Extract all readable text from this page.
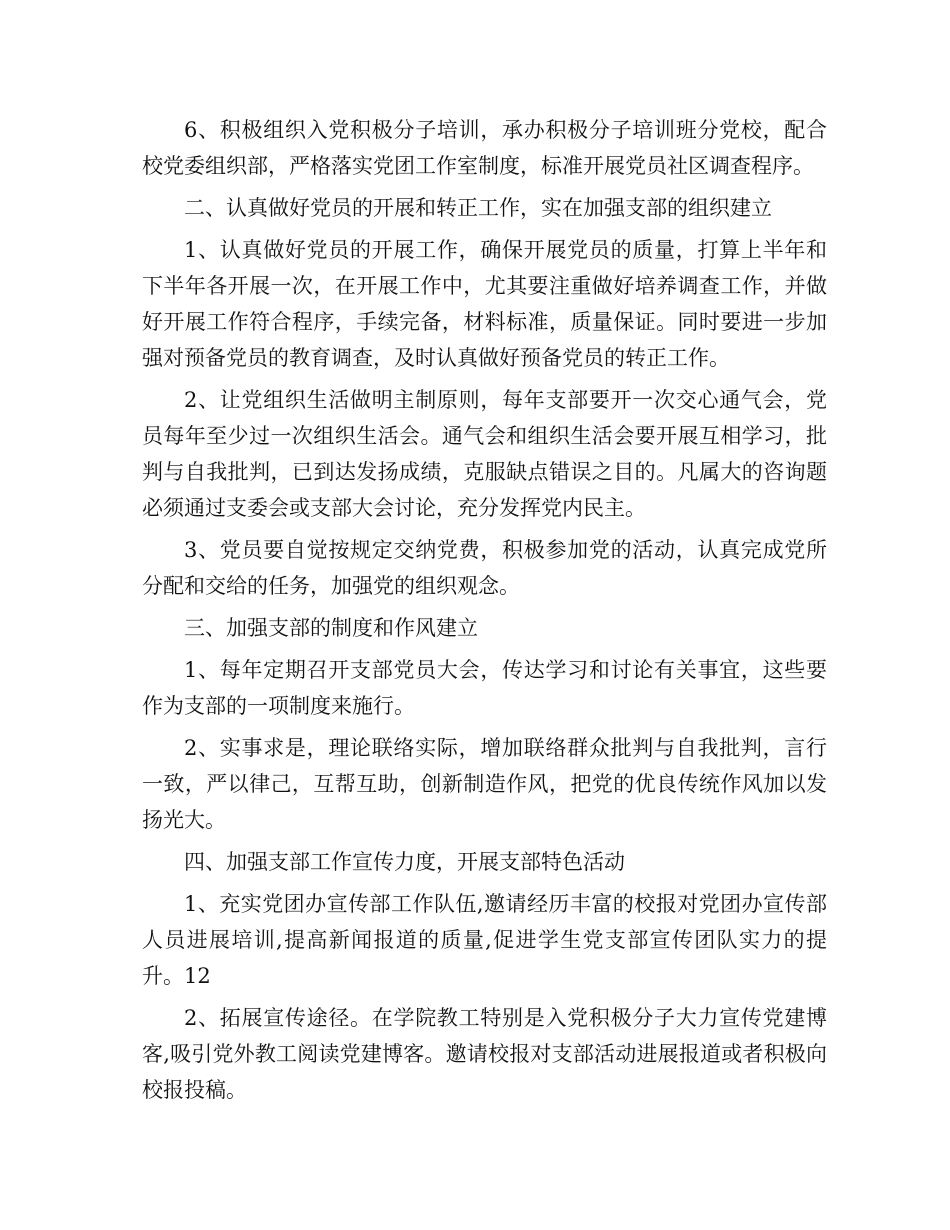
6、积极组织入党积极分子培训，承办积极分子培训班分党校，配合校党委组织部，严格落实党团工作室制度，标准开展党员社区调查程序。

二、认真做好党员的开展和转正工作，实在加强支部的组织建立

1、认真做好党员的开展工作，确保开展党员的质量，打算上半年和下半年各开展一次，在开展工作中，尤其要注重做好培养调查工作，并做好开展工作符合程序，手续完备，材料标准，质量保证。同时要进一步加强对预备党员的教育调查，及时认真做好预备党员的转正工作。

2、让党组织生活做明主制原则，每年支部要开一次交心通气会，党员每年至少过一次组织生活会。通气会和组织生活会要开展互相学习，批判与自我批判，已到达发扬成绩，克服缺点错误之目的。凡属大的咨询题必须通过支委会或支部大会讨论，充分发挥党内民主。

3、党员要自觉按规定交纳党费，积极参加党的活动，认真完成党所分配和交给的任务，加强党的组织观念。

三、加强支部的制度和作风建立

1、每年定期召开支部党员大会，传达学习和讨论有关事宜，这些要作为支部的一项制度来施行。

2、实事求是，理论联络实际，增加联络群众批判与自我批判，言行一致，严以律己，互帮互助，创新制造作风，把党的优良传统作风加以发扬光大。

四、加强支部工作宣传力度，开展支部特色活动

1、充实党团办宣传部工作队伍,邀请经历丰富的校报对党团办宣传部人员进展培训,提高新闻报道的质量,促进学生党支部宣传团队实力的提升。12

2、拓展宣传途径。在学院教工特别是入党积极分子大力宣传党建博客,吸引党外教工阅读党建博客。邀请校报对支部活动进展报道或者积极向校报投稿。
